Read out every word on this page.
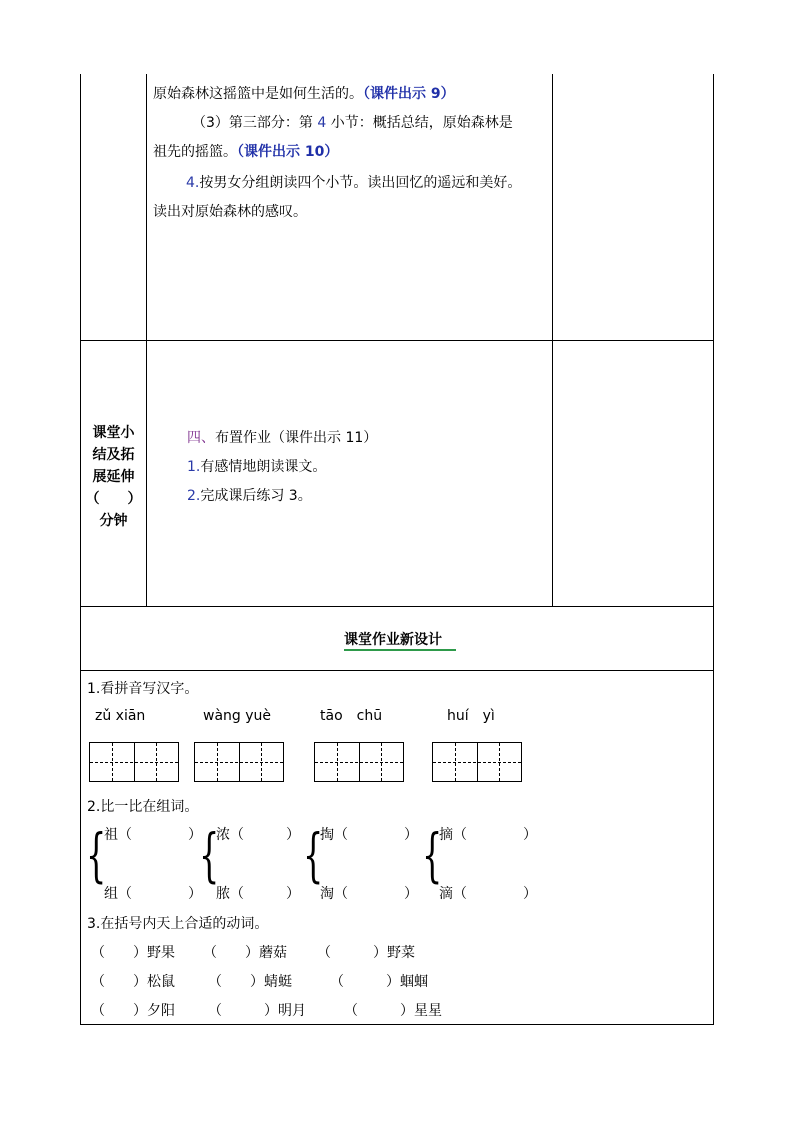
原始森林这摇篮中是如何生活的。（课件出示 9）
（3）第三部分：第 4 小节：概括总结，原始森林是
祖先的摇篮。（课件出示 10）
4.按男女分组朗读四个小节。读出回忆的遥远和美好。
读出对原始森林的感叹。
课堂小
结及拓
展延伸
（　　）
分钟
四、布置作业（课件出示 11）
1.有感情地朗读课文。
2.完成课后练习 3。
课堂作业新设计
1.看拼音写汉字。
zǔ xiān	wàng yuè	tāo　chū	huí　yì
2.比一比在组词。
{
祖（　　　　）
组（　　　　）
{
浓（　　　）
脓（　　　）
{
掏（　　　　）
淘（　　　　）
{
摘（　　　　）
滴（　　　　）
3.在括号内天上合适的动词。
（　　）野果 （　　）蘑菇 （　　　）野菜
（　　）松鼠 （　　）蜻蜓	（　　　）蝈蝈
（　　）夕阳 （　　　）明月	（　　　）星星
